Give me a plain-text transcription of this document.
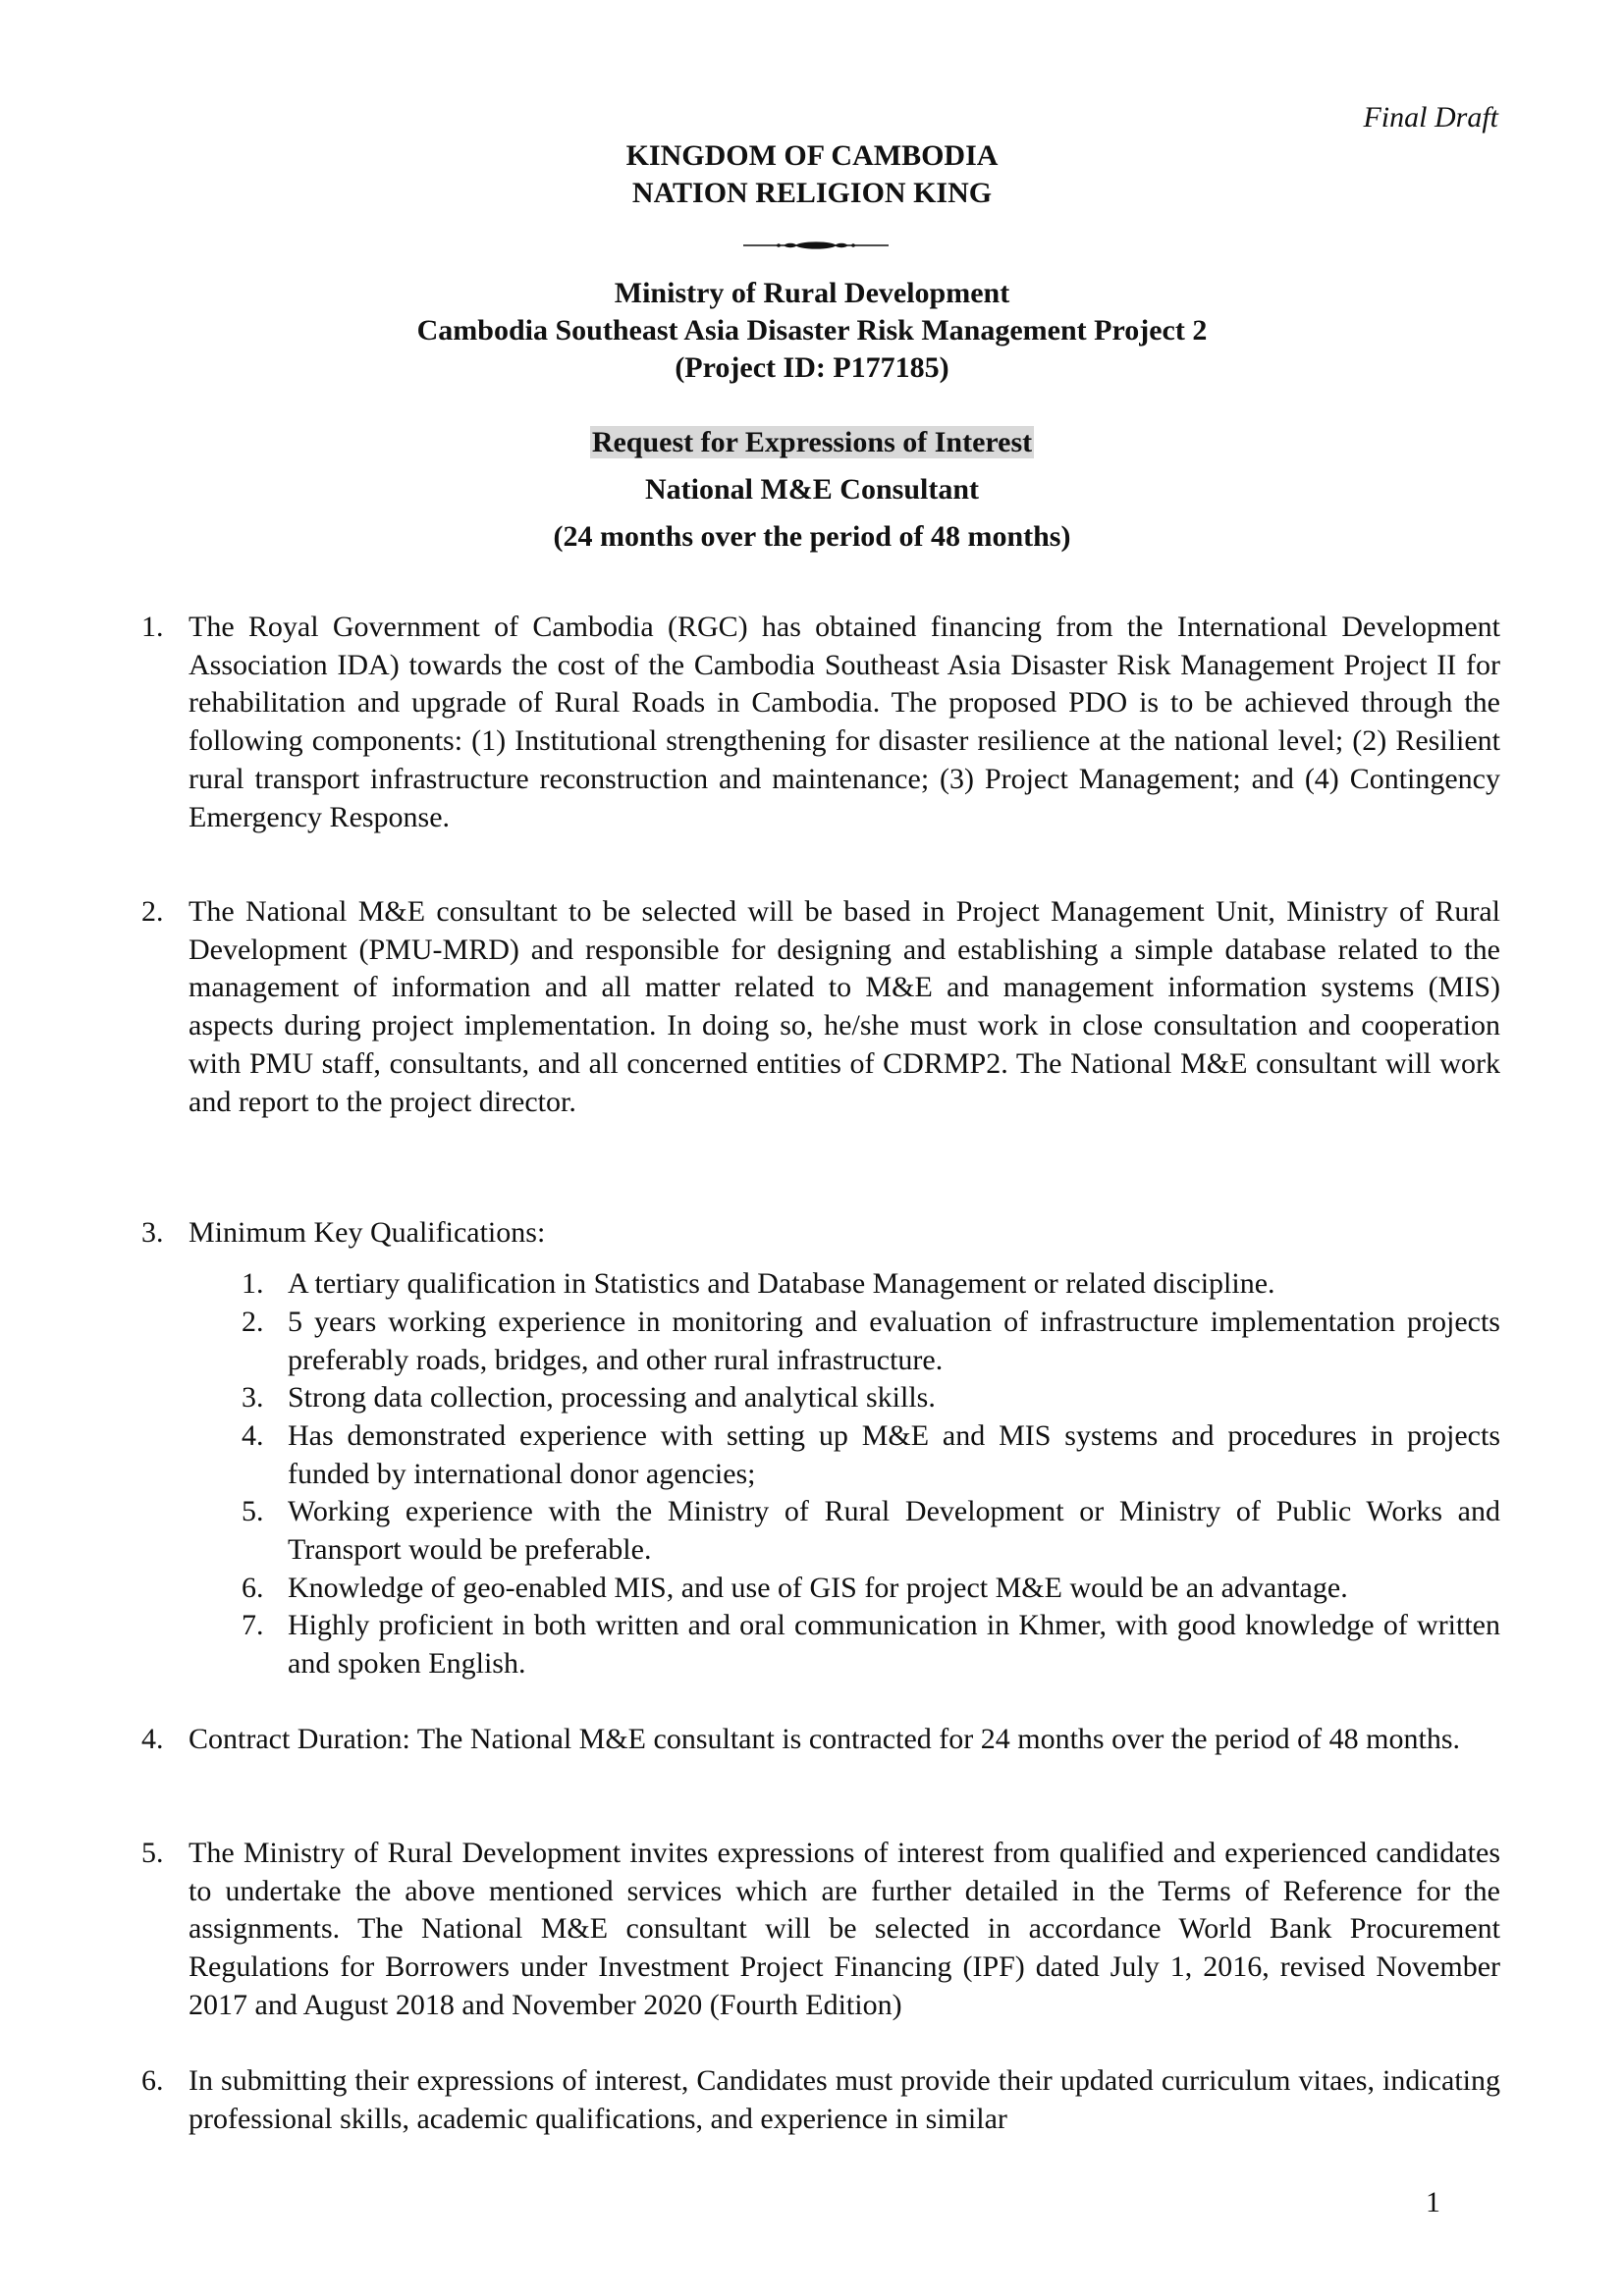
Final Draft
KINGDOM OF CAMBODIA
NATION RELIGION KING
Ministry of Rural Development
Cambodia Southeast Asia Disaster Risk Management Project 2
(Project ID: P177185)
Request for Expressions of Interest
National M&E Consultant
(24 months over the period of 48 months)
1. The Royal Government of Cambodia (RGC) has obtained financing from the International Development Association IDA) towards the cost of the Cambodia Southeast Asia Disaster Risk Management Project II for rehabilitation and upgrade of Rural Roads in Cambodia. The proposed PDO is to be achieved through the following components: (1) Institutional strengthening for disaster resilience at the national level; (2) Resilient rural transport infrastructure reconstruction and maintenance; (3) Project Management; and (4) Contingency Emergency Response.
2. The National M&E consultant to be selected will be based in Project Management Unit, Ministry of Rural Development (PMU-MRD) and responsible for designing and establishing a simple database related to the management of information and all matter related to M&E and management information systems (MIS) aspects during project implementation. In doing so, he/she must work in close consultation and cooperation with PMU staff, consultants, and all concerned entities of CDRMP2. The National M&E consultant will work and report to the project director.
3. Minimum Key Qualifications:
1. A tertiary qualification in Statistics and Database Management or related discipline.
2. 5 years working experience in monitoring and evaluation of infrastructure implementation projects preferably roads, bridges, and other rural infrastructure.
3. Strong data collection, processing and analytical skills.
4. Has demonstrated experience with setting up M&E and MIS systems and procedures in projects funded by international donor agencies;
5. Working experience with the Ministry of Rural Development or Ministry of Public Works and Transport would be preferable.
6. Knowledge of geo-enabled MIS, and use of GIS for project M&E would be an advantage.
7. Highly proficient in both written and oral communication in Khmer, with good knowledge of written and spoken English.
4. Contract Duration: The National M&E consultant is contracted for 24 months over the period of 48 months.
5. The Ministry of Rural Development invites expressions of interest from qualified and experienced candidates to undertake the above mentioned services which are further detailed in the Terms of Reference for the assignments. The National M&E consultant will be selected in accordance World Bank Procurement Regulations for Borrowers under Investment Project Financing (IPF) dated July 1, 2016, revised November 2017 and August 2018 and November 2020 (Fourth Edition)
6. In submitting their expressions of interest, Candidates must provide their updated curriculum vitaes, indicating professional skills, academic qualifications, and experience in similar
1
